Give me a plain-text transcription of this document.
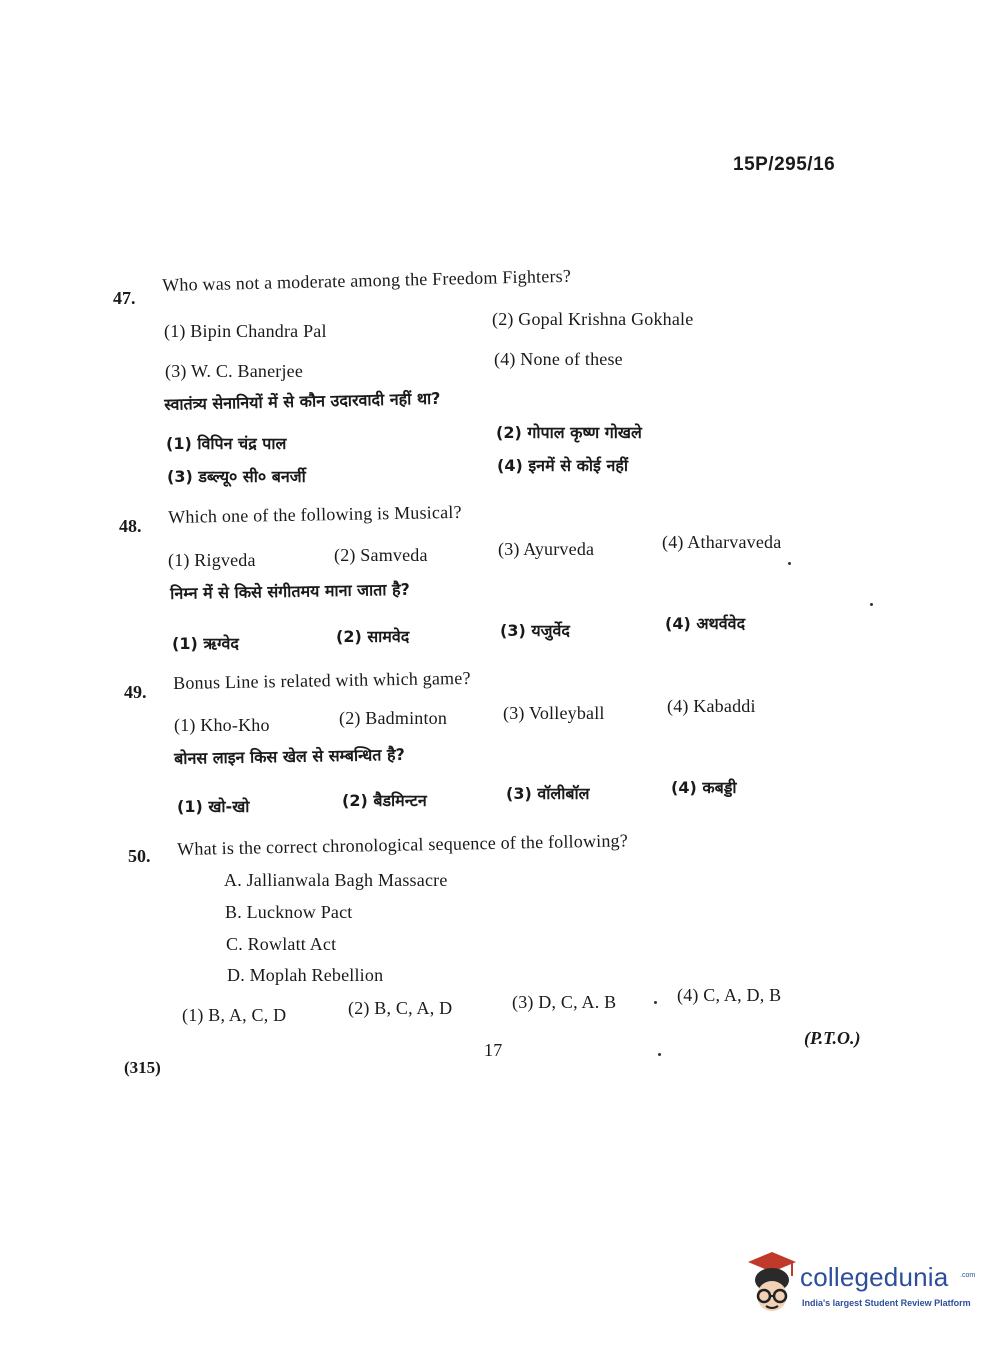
15P/295/16
47.
Who was not a moderate among the Freedom Fighters?
(1) Bipin Chandra Pal
(2) Gopal Krishna Gokhale
(3) W. C. Banerjee
(4) None of these
स्वातंत्र्य सेनानियों में से कौन उदारवादी नहीं था?
(1) विपिन चंद्र पाल
(2) गोपाल कृष्ण गोखले
(3) डब्ल्यू० सी० बनर्जी
(4) इनमें से कोई नहीं
48. Which one of the following is Musical?
(1) Rigveda	(2) Samveda	(3) Ayurveda	(4) Atharvaveda
निम्न में से किसे संगीतमय माना जाता है?
(1) ऋग्वेद	(2) सामवेद	(3) यजुर्वेद	(4) अथर्ववेद
49. Bonus Line is related with which game?
(1) Kho-Kho	(2) Badminton	(3) Volleyball	(4) Kabaddi
बोनस लाइन किस खेल से सम्बन्धित है?
(1) खो-खो	(2) बैडमिन्टन	(3) वॉलीबॉल	(4) कबड्डी
50. What is the correct chronological sequence of the following?
A. Jallianwala Bagh Massacre
B. Lucknow Pact
C. Rowlatt Act
D. Moplah Rebellion
(1) B, A, C, D	(2) B, C, A, D	(3) D, C, A. B	(4) C, A, D, B
17
(P.T.O.)
(315)
collegedunia .com
India's largest Student Review Platform
